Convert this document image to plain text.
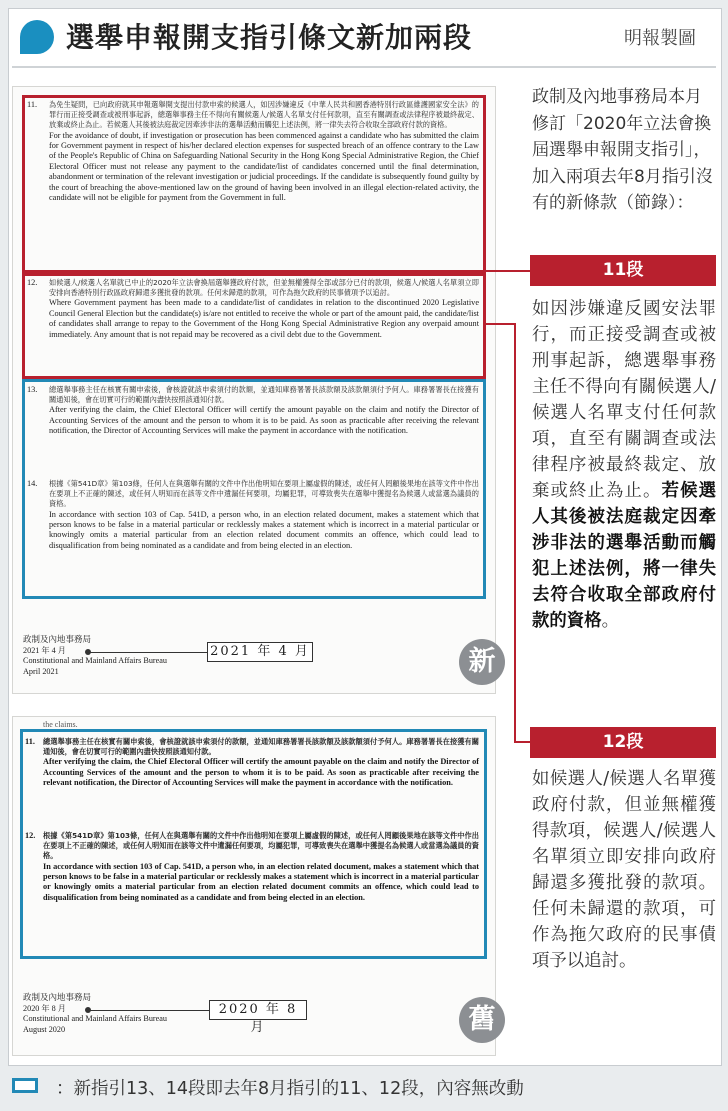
選舉申報開支指引條文新加兩段	明報製圖
11. 為免生疑問，已向政府就其申報選舉開支提出付款申索的候選人，如因涉嫌違反《中華人民共和國香港特別行政區維護國家安全法》的罪行而正接受調查或被刑事起訴，總選舉事務主任不得向有關候選人/候選人名單支付任何款項，直至有關調查或法律程序被最終裁定、放棄或終止為止。若候選人其後被法庭裁定因牽涉非法的選舉活動而觸犯上述法例，將一律失去符合收取全部政府付款的資格。
For the avoidance of doubt, if investigation or prosecution has been commenced against a candidate who has submitted the claim for Government payment in respect of his/her declared election expenses for suspected breach of an offence contrary to the Law of the People's Republic of China on Safeguarding National Security in the Hong Kong Special Administrative Region, the Chief Electoral Officer must not release any payment to the candidate/list of candidates concerned until the final determination, abandonment or termination of the relevant investigation or judicial proceedings. If the candidate is subsequently found guilty by the court of breaching the above-mentioned law on the ground of having been involved in an illegal election-related activity, the candidate will not be eligible for payment from the Government in full.
12. 如候選人/候選人名單就已中止的2020年立法會換屆選舉獲政府付款，但並無權獲得全部或部分已付的款項，候選人/候選人名單須立即安排向香港特別行政區政府歸還多獲批發的款項。任何未歸還的款項，可作為拖欠政府的民事債項予以追討。
Where Government payment has been made to a candidate/list of candidates in relation to the discontinued 2020 Legislative Council General Election but the candidate(s) is/are not entitled to receive the whole or part of the amount paid, the candidate/list of candidates shall arrange to repay to the Government of the Hong Kong Special Administrative Region any overpaid amount immediately. Any amount that is not repaid may be recovered as a civil debt due to the Government.
13. 總選舉事務主任在核實有關申索後，會核證就該申索須付的款額，並通知庫務署署長該款額及該款額須付予何人。庫務署署長在接獲有關通知後，會在切實可行的範圍內盡快按照該通知付款。
After verifying the claim, the Chief Electoral Officer will certify the amount payable on the claim and notify the Director of Accounting Services of the amount and the person to whom it is to be paid. As soon as practicable after receiving the relevant notification, the Director of Accounting Services will make the payment in accordance with the notification.
14. 根據《第541D章》第103條，任何人在與選舉有關的文件中作出他明知在要項上屬虛假的陳述，或任何人罔顧後果地在該等文件中作出在要項上不正確的陳述，或任何人明知而在該等文件中遺漏任何要項，均屬犯罪，可導致喪失在選舉中獲提名為候選人或當選為議員的資格。
In accordance with section 103 of Cap. 541D, a person who, in an election related document, makes a statement which that person knows to be false in a material particular or recklessly makes a statement which is incorrect in a material particular or knowingly omits a material particular from an election related document commits an offence, which could lead to disqualification from being nominated as a candidate and from being elected in an election.
政制及內地事務局
2021 年 4 月
Constitutional and Mainland Affairs Bureau
April 2021
2021 年 4 月	新
the claims.
11. 總選舉事務主任在核實有關申索後，會核證就該申索須付的款額，並通知庫務署署長該款額及該款額須付予何人。庫務署署長在接獲有關通知後，會在切實可行的範圍內盡快按照該通知付款。
After verifying the claim, the Chief Electoral Officer will certify the amount payable on the claim and notify the Director of Accounting Services of the amount and the person to whom it is to be paid. As soon as practicable after receiving the relevant notification, the Director of Accounting Services will make the payment in accordance with the notification.
12. 根據《第541D章》第103條，任何人在與選舉有關的文件中作出他明知在要項上屬虛假的陳述，或任何人罔顧後果地在該等文件中作出在要項上不正確的陳述，或任何人明知而在該等文件中遺漏任何要項，均屬犯罪，可導致喪失在選舉中獲提名為候選人或當選為議員的資格。
In accordance with section 103 of Cap. 541D, a person who, in an election related document, makes a statement which that person knows to be false in a material particular or recklessly makes a statement which is incorrect in a material particular or knowingly omits a material particular from an election related document commits an offence, which could lead to disqualification from being nominated as a candidate and from being elected in an election.
政制及內地事務局
2020 年 8 月
Constitutional and Mainland Affairs Bureau
August 2020
2020 年 8 月	舊
政制及內地事務局本月修訂「2020年立法會換屆選舉申報開支指引」，加入兩項去年8月指引沒有的新條款（節錄）：
11段
如因涉嫌違反國安法罪行，而正接受調查或被刑事起訴，總選舉事務主任不得向有關候選人/候選人名單支付任何款項，直至有關調查或法律程序被最終裁定、放棄或終止為止。若候選人其後被法庭裁定因牽涉非法的選舉活動而觸犯上述法例，將一律失去符合收取全部政府付款的資格。
12段
如候選人/候選人名單獲政府付款，但並無權獲得款項，候選人/候選人名單須立即安排向政府歸還多獲批發的款項。任何未歸還的款項，可作為拖欠政府的民事債項予以追討。
：新指引13、14段即去年8月指引的11、12段，內容無改動
